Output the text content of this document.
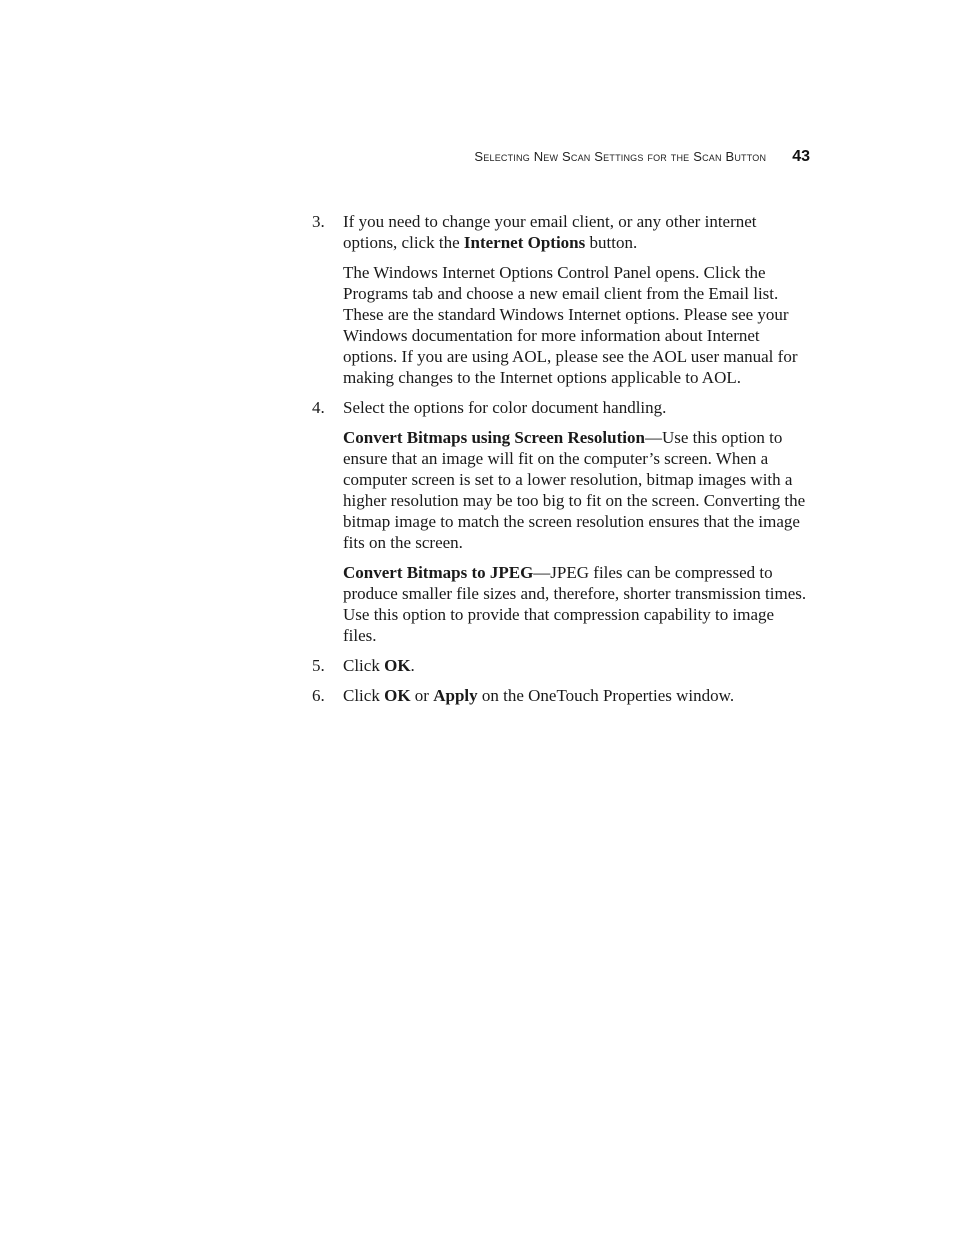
Selecting New Scan Settings for the Scan Button 43
3. If you need to change your email client, or any other internet options, click the Internet Options button.

The Windows Internet Options Control Panel opens. Click the Programs tab and choose a new email client from the Email list. These are the standard Windows Internet options. Please see your Windows documentation for more information about Internet options. If you are using AOL, please see the AOL user manual for making changes to the Internet options applicable to AOL.

4. Select the options for color document handling.

Convert Bitmaps using Screen Resolution—Use this option to ensure that an image will fit on the computer’s screen. When a computer screen is set to a lower resolution, bitmap images with a higher resolution may be too big to fit on the screen. Converting the bitmap image to match the screen resolution ensures that the image fits on the screen.

Convert Bitmaps to JPEG—JPEG files can be compressed to produce smaller file sizes and, therefore, shorter transmission times. Use this option to provide that compression capability to image files.

5. Click OK.
6. Click OK or Apply on the OneTouch Properties window.
